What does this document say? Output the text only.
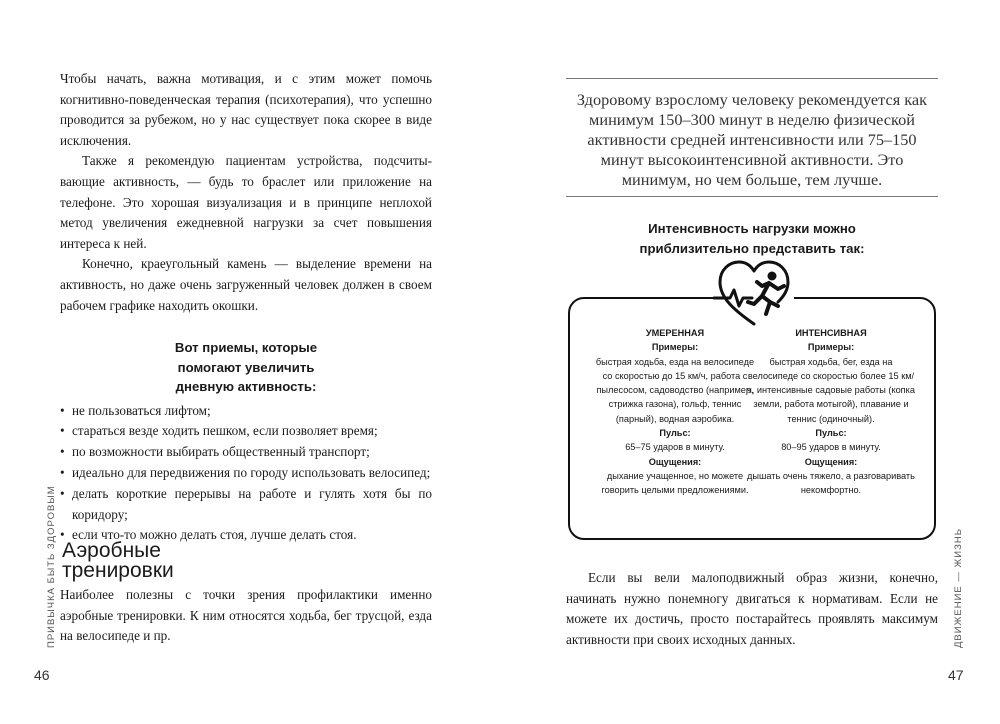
Чтобы начать, важна мотивация, и с этим может помочь когнитивно-поведенческая терапия (психотерапия), что успешно проводится за рубежом, но у нас существует пока скорее в виде исключения.

Также я рекомендую пациентам устройства, подсчитывающие активность, — будь то браслет или приложение на телефоне. Это хорошая визуализация и в принципе неплохой метод увеличения ежедневной нагрузки за счет повышения интереса к ней.

Конечно, краеугольный камень — выделение времени на активность, но даже очень загруженный человек должен в своем рабочем графике находить окошки.

Вот приемы, которые помогают увеличить дневную активность:

• не пользоваться лифтом;
• стараться везде ходить пешком, если позволяет время;
• по возможности выбирать общественный транспорт;
• идеально для передвижения по городу использовать велосипед;
• делать короткие перерывы на работе и гулять хотя бы по коридору;
• если что-то можно делать стоя, лучше делать стоя.
Аэробные тренировки

Наиболее полезны с точки зрения профилактики именно аэробные тренировки. К ним относятся ходьба, бег трусцой, езда на велосипеде и пр.

ПРИВЫЧКА БЫТЬ ЗДОРОВЫМ
46

Здоровому взрослому человеку рекомендуется как минимум 150–300 минут в неделю физической активности средней интенсивности или 75–150 минут высокоинтенсивной активности. Это минимум, но чем больше, тем лучше.

Интенсивность нагрузки можно приблизительно представить так:

УМЕРЕННАЯ
Примеры:
быстрая ходьба, езда на велосипеде со скоростью до 15 км/ч, работа с пылесосом, садоводство (например, стрижка газона), гольф, теннис (парный), водная аэробика.
Пульс:
65–75 ударов в минуту.
Ощущения:
дыхание учащенное, но можете говорить целыми предложениями.
ИНТЕНСИВНАЯ
Примеры:
быстрая ходьба, бег, езда на велосипеде со скоростью более 15 км/ч, интенсивные садовые работы (копка земли, работа мотыгой), плавание и теннис (одиночный).
Пульс:
80–95 ударов в минуту.
Ощущения:
дышать очень тяжело, а разговаривать некомфортно.

Если вы вели малоподвижный образ жизни, конечно, начинать нужно понемногу двигаться к нормативам. Если не можете их достичь, просто постарайтесь проявлять максимум активности при своих исходных данных.	ДВИЖЕНИЕ — ЖИЗНЬ
47
